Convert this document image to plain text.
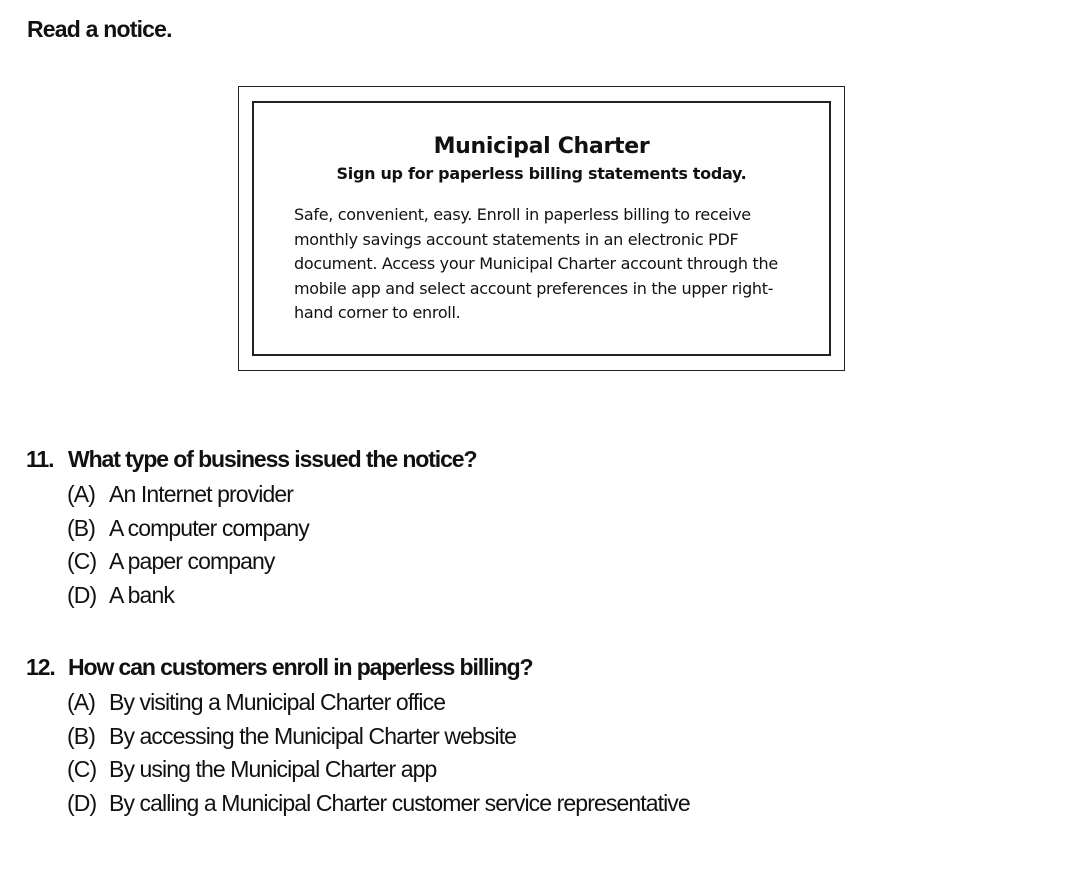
Read a notice.
Municipal Charter
Sign up for paperless billing statements today.

Safe, convenient, easy. Enroll in paperless billing to receive monthly savings account statements in an electronic PDF document. Access your Municipal Charter account through the mobile app and select account preferences in the upper right-hand corner to enroll.

11. What type of business issued the notice?
(A) An Internet provider
(B) A computer company
(C) A paper company
(D) A bank
12. How can customers enroll in paperless billing?
(A) By visiting a Municipal Charter office
(B) By accessing the Municipal Charter website
(C) By using the Municipal Charter app
(D) By calling a Municipal Charter customer service representative
